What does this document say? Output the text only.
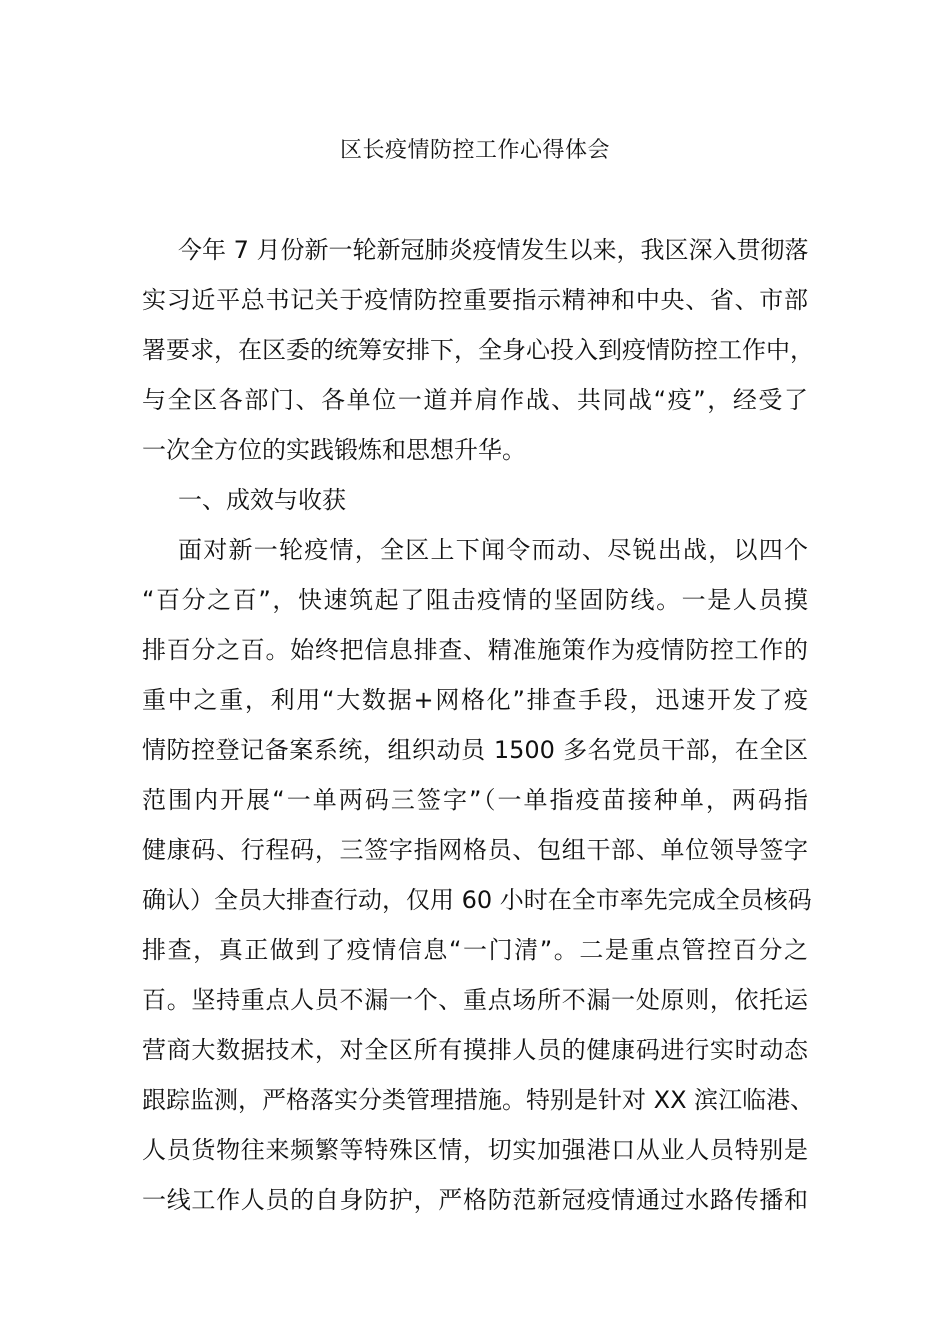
区长疫情防控工作心得体会
今年 7 月份新一轮新冠肺炎疫情发生以来，我区深入贯彻落
实习近平总书记关于疫情防控重要指示精神和中央、省、市部
署要求，在区委的统筹安排下，全身心投入到疫情防控工作中，
与全区各部门、各单位一道并肩作战、共同战“疫”，经受了
一次全方位的实践锻炼和思想升华。
一、成效与收获
面对新一轮疫情，全区上下闻令而动、尽锐出战，以四个
“百分之百”，快速筑起了阻击疫情的坚固防线。一是人员摸
排百分之百。始终把信息排查、精准施策作为疫情防控工作的
重中之重，利用“大数据+网格化”排查手段，迅速开发了疫
情防控登记备案系统，组织动员 1500 多名党员干部，在全区
范围内开展“一单两码三签字”（一单指疫苗接种单，两码指
健康码、行程码，三签字指网格员、包组干部、单位领导签字
确认）全员大排查行动，仅用 60 小时在全市率先完成全员核码
排查，真正做到了疫情信息“一门清”。二是重点管控百分之
百。坚持重点人员不漏一个、重点场所不漏一处原则，依托运
营商大数据技术，对全区所有摸排人员的健康码进行实时动态
跟踪监测，严格落实分类管理措施。特别是针对 XX 滨江临港、
人员货物往来频繁等特殊区情，切实加强港口从业人员特别是
一线工作人员的自身防护，严格防范新冠疫情通过水路传播和
